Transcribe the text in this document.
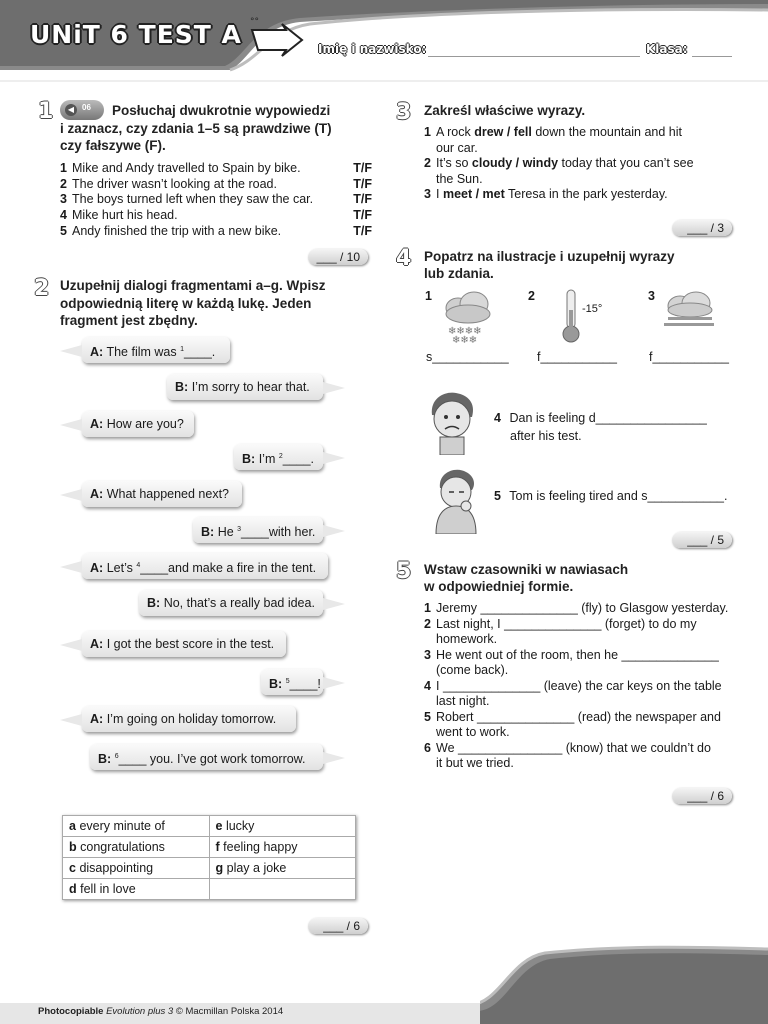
°°
UNiT 6 TEST A	Imię i nazwisko:	Klasa:
1	◀ 06 Posłuchaj dwukrotnie wypowiedzi
i zaznacz, czy zdania 1–5 są prawdziwe (T)
czy fałszywe (F).
1 Mike and Andy travelled to Spain by bike.	T/F
2 The driver wasn’t looking at the road.	T/F
3 The boys turned left when they saw the car.	T/F
4 Mike hurt his head.	T/F
5 Andy finished the trip with a new bike.	T/F
___ / 10
2 Uzupełnij dialogi fragmentami a–g. Wpisz
odpowiednią literę w każdą lukę. Jeden
fragment jest zbędny.
A: The film was $^1$____.
B: I’m sorry to hear that.
A: How are you?
B: I’m $^2$____.
A: What happened next?
B: He $^3$____with her.
A: Let’s $^4$____and make a fire in the tent.
B: No, that’s a really bad idea.
A: I got the best score in the test.
B: $^5$____!
A: I’m going on holiday tomorrow.
B: $^6$____ you. I’ve got work tomorrow.
a every minute of	e lucky
b congratulations	f feeling happy
c disappointing	g play a joke
d fell in love	
___ / 6
3 Zakreśl właściwe wyrazy.
1 A rock drew / fell down the mountain and hit
our car.
2 It’s so cloudy / windy today that you can’t see
the Sun.
3 I meet / met Teresa in the park yesterday.
___ / 3
4 Popatrz na ilustracje i uzupełnij wyrazy
lub zdania.
1
❄❄❄❄
❄❄❄
s___________
2
-15°
f___________
3
f___________
4 Dan is feeling d________________
after his test.
5 Tom is feeling tired and s___________.
___ / 5
5 Wstaw czasowniki w nawiasach
w odpowiedniej formie.
1 Jeremy ______________ (fly) to Glasgow yesterday.
2 Last night, I ______________ (forget) to do my
homework.
3 He went out of the room, then he ______________
(come back).
4 I ______________ (leave) the car keys on the table
last night.
5 Robert ______________ (read) the newspaper and
went to work.
6 We _______________ (know) that we couldn’t do
it but we tried.
___ / 6
Photocopiable Evolution plus 3 © Macmillan Polska 2014
